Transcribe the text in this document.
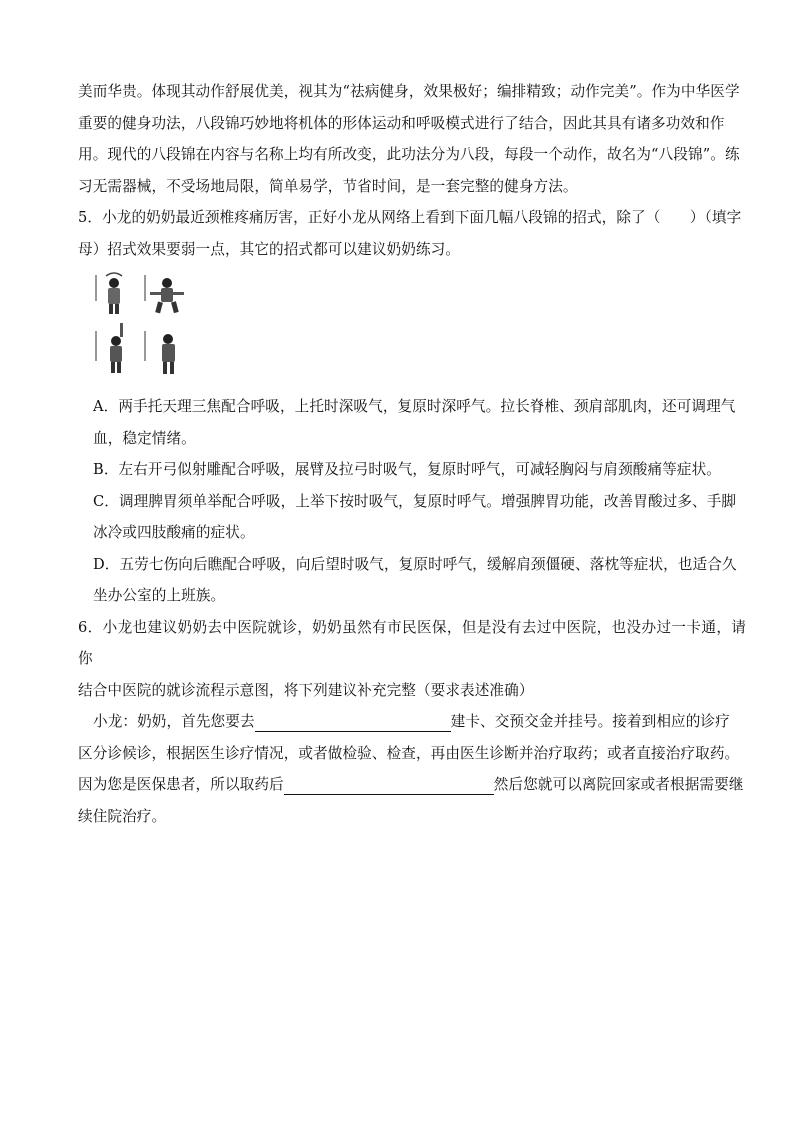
美而华贵。体现其动作舒展优美，视其为“祛病健身，效果极好；编排精致；动作完美”。作为中华医学

重要的健身功法，八段锦巧妙地将机体的形体运动和呼吸模式进行了结合，因此其具有诸多功效和作

用。现代的八段锦在内容与名称上均有所改变，此功法分为八段，每段一个动作，故名为“八段锦”。练

习无需器械，不受场地局限，简单易学，节省时间，是一套完整的健身方法。

5．小龙的奶奶最近颈椎疼痛厉害，正好小龙从网络上看到下面几幅八段锦的招式，除了（　　）（填字

母）招式效果要弱一点，其它的招式都可以建议奶奶练习。

A．两手托天理三焦配合呼吸，上托时深吸气，复原时深呼气。拉长脊椎、颈肩部肌肉，还可调理气

血，稳定情绪。

B．左右开弓似射雕配合呼吸，展臂及拉弓时吸气，复原时呼气，可减轻胸闷与肩颈酸痛等症状。

C．调理脾胃须单举配合呼吸，上举下按时吸气，复原时呼气。增强脾胃功能，改善胃酸过多、手脚

冰冷或四肢酸痛的症状。

D．五劳七伤向后瞧配合呼吸，向后望时吸气，复原时呼气，缓解肩颈僵硬、落枕等症状，也适合久

坐办公室的上班族。

6．小龙也建议奶奶去中医院就诊，奶奶虽然有市民医保，但是没有去过中医院，也没办过一卡通，请你

结合中医院的就诊流程示意图，将下列建议补充完整（要求表述准确）

小龙：奶奶，首先您要去	建卡、交预交金并挂号。接着到相应的诊疗

区分诊候诊，根据医生诊疗情况，或者做检验、检查，再由医生诊断并治疗取药；或者直接治疗取药。

因为您是医保患者，所以取药后	然后您就可以离院回家或者根据需要继

续住院治疗。
